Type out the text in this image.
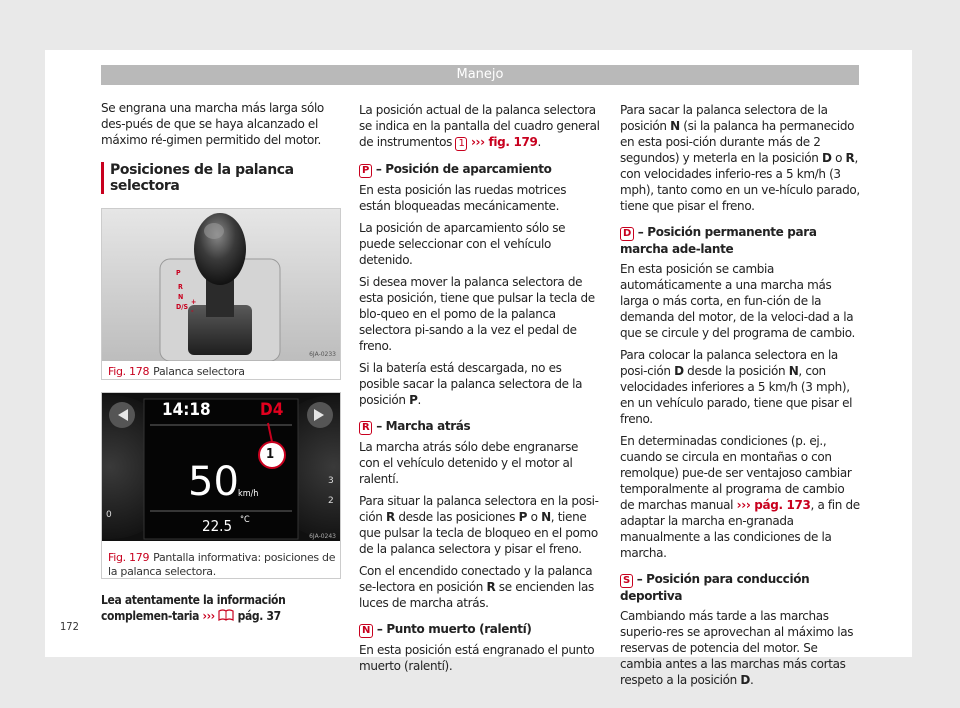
Manejo

Se engrana una marcha más larga sólo des-pués de que se haya alcanzado el máximo ré-gimen permitido del motor.

Posiciones de la palanca selectora
P
R
N
D/S
+
-
6JA-0233
Fig. 178 Palanca selectora
0
3
2
14:18	D4
1
50 km/h
22.5 °C
6JA-0243
Fig. 179 Pantalla informativa: posiciones de la palanca selectora.
Lea atentamente la información complemen-taria ››› pág. 37
172

La posición actual de la palanca selectora se indica en la pantalla del cuadro general de instrumentos 1 ››› fig. 179.

P – Posición de aparcamiento

En esta posición las ruedas motrices están bloqueadas mecánicamente.

La posición de aparcamiento sólo se puede seleccionar con el vehículo detenido.

Si desea mover la palanca selectora de esta posición, tiene que pulsar la tecla de blo-queo en el pomo de la palanca selectora pi-sando a la vez el pedal de freno.

Si la batería está descargada, no es posible sacar la palanca selectora de la posición P.

R – Marcha atrás

La marcha atrás sólo debe engranarse con el vehículo detenido y el motor al ralentí.

Para situar la palanca selectora en la posi-ción R desde las posiciones P o N, tiene que pulsar la tecla de bloqueo en el pomo de la palanca selectora y pisar el freno.

Con el encendido conectado y la palanca se-lectora en posición R se encienden las luces de marcha atrás.

N – Punto muerto (ralentí)

En esta posición está engranado el punto muerto (ralentí).

Para sacar la palanca selectora de la posición N (si la palanca ha permanecido en esta posi-ción durante más de 2 segundos) y meterla en la posición D o R, con velocidades inferio-res a 5 km/h (3 mph), tanto como en un ve-hículo parado, tiene que pisar el freno.

D – Posición permanente para marcha ade-lante

En esta posición se cambia automáticamente a una marcha más larga o más corta, en fun-ción de la demanda del motor, de la veloci-dad a la que se circule y del programa de cambio.

Para colocar la palanca selectora en la posi-ción D desde la posición N, con velocidades inferiores a 5 km/h (3 mph), en un vehículo parado, tiene que pisar el freno.

En determinadas condiciones (p. ej., cuando se circula en montañas o con remolque) pue-de ser ventajoso cambiar temporalmente al programa de cambio de marchas manual ››› pág. 173, a fin de adaptar la marcha en-granada manualmente a las condiciones de la marcha.

S – Posición para conducción deportiva

Cambiando más tarde a las marchas superio-res se aprovechan al máximo las reservas de potencia del motor. Se cambia antes a las marchas más cortas respeto a la posición D.
